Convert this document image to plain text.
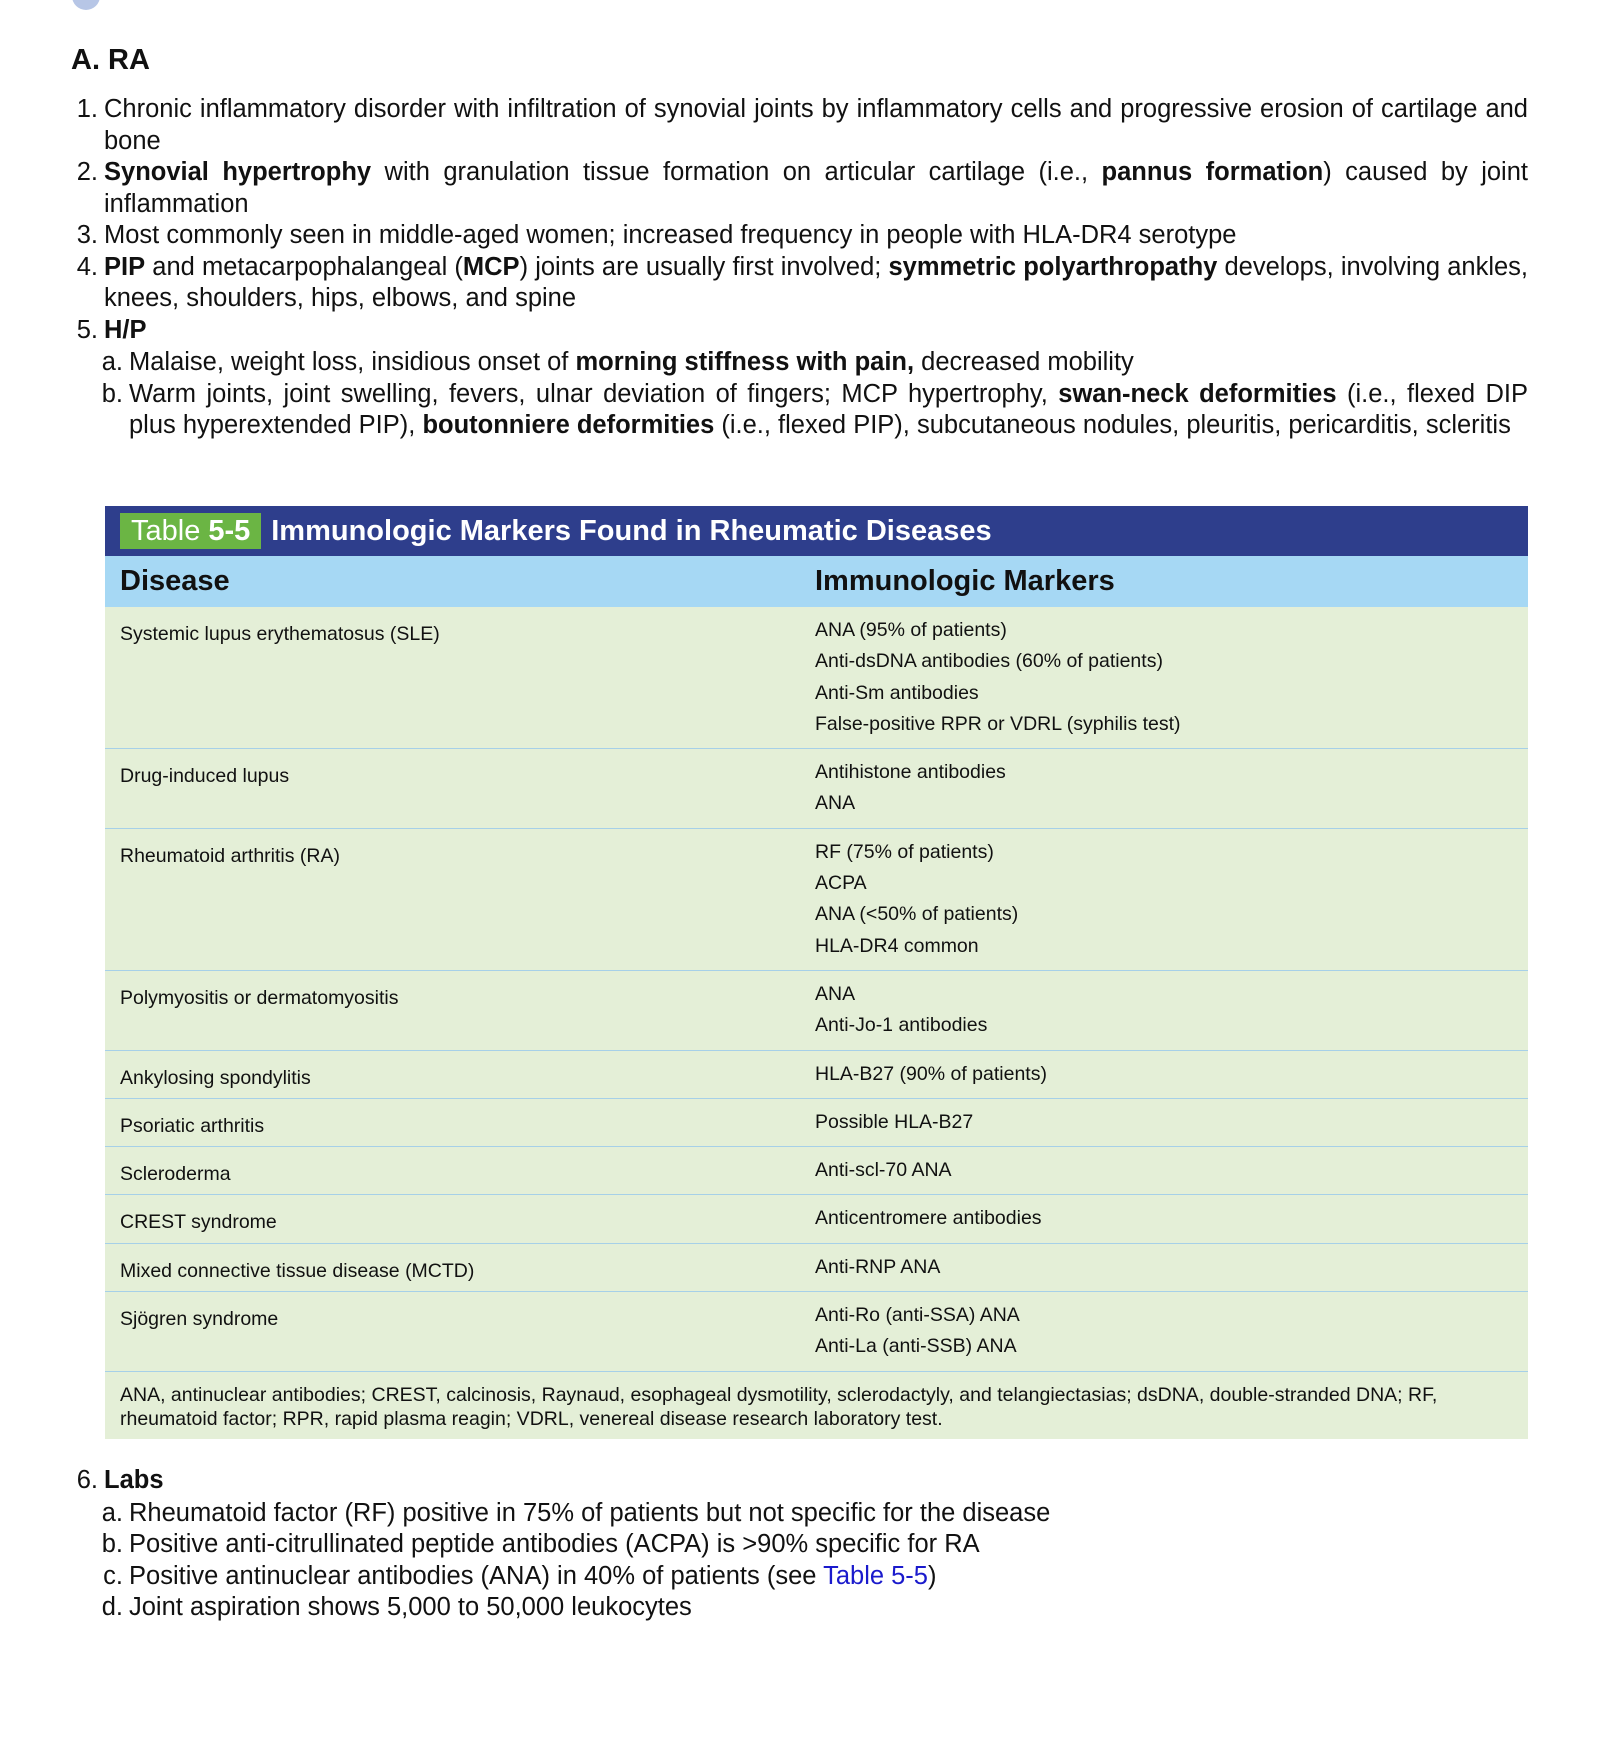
A. RA
1. Chronic inflammatory disorder with infiltration of synovial joints by inflammatory cells and progressive erosion of cartilage and bone
2. Synovial hypertrophy with granulation tissue formation on articular cartilage (i.e., pannus formation) caused by joint inflammation
3. Most commonly seen in middle-aged women; increased frequency in people with HLA-DR4 serotype
4. PIP and metacarpophalangeal (MCP) joints are usually first involved; symmetric polyarthropathy develops, involving ankles, knees, shoulders, hips, elbows, and spine
5. H/P
a. Malaise, weight loss, insidious onset of morning stiffness with pain, decreased mobility
b. Warm joints, joint swelling, fevers, ulnar deviation of fingers; MCP hypertrophy, swan-neck deformities (i.e., flexed DIP plus hyperextended PIP), boutonniere deformities (i.e., flexed PIP), subcutaneous nodules, pleuritis, pericarditis, scleritis
Table 5-5 Immunologic Markers Found in Rheumatic Diseases
Disease	Immunologic Markers
Systemic lupus erythematosus (SLE)	ANA (95% of patients)
Anti-dsDNA antibodies (60% of patients)
Anti-Sm antibodies
False-positive RPR or VDRL (syphilis test)
Drug-induced lupus	Antihistone antibodies
ANA
Rheumatoid arthritis (RA)	RF (75% of patients)
ACPA
ANA (<50% of patients)
HLA-DR4 common
Polymyositis or dermatomyositis	ANA
Anti-Jo-1 antibodies
Ankylosing spondylitis	HLA-B27 (90% of patients)
Psoriatic arthritis	Possible HLA-B27
Scleroderma	Anti-scl-70 ANA
CREST syndrome	Anticentromere antibodies
Mixed connective tissue disease (MCTD)	Anti-RNP ANA
Sjögren syndrome	Anti-Ro (anti-SSA) ANA
Anti-La (anti-SSB) ANA
ANA, antinuclear antibodies; CREST, calcinosis, Raynaud, esophageal dysmotility, sclerodactyly, and telangiectasias; dsDNA, double-stranded DNA; RF, rheumatoid factor; RPR, rapid plasma reagin; VDRL, venereal disease research laboratory test.
6. Labs
a. Rheumatoid factor (RF) positive in 75% of patients but not specific for the disease
b. Positive anti-citrullinated peptide antibodies (ACPA) is >90% specific for RA
c. Positive antinuclear antibodies (ANA) in 40% of patients (see Table 5-5)
d. Joint aspiration shows 5,000 to 50,000 leukocytes
